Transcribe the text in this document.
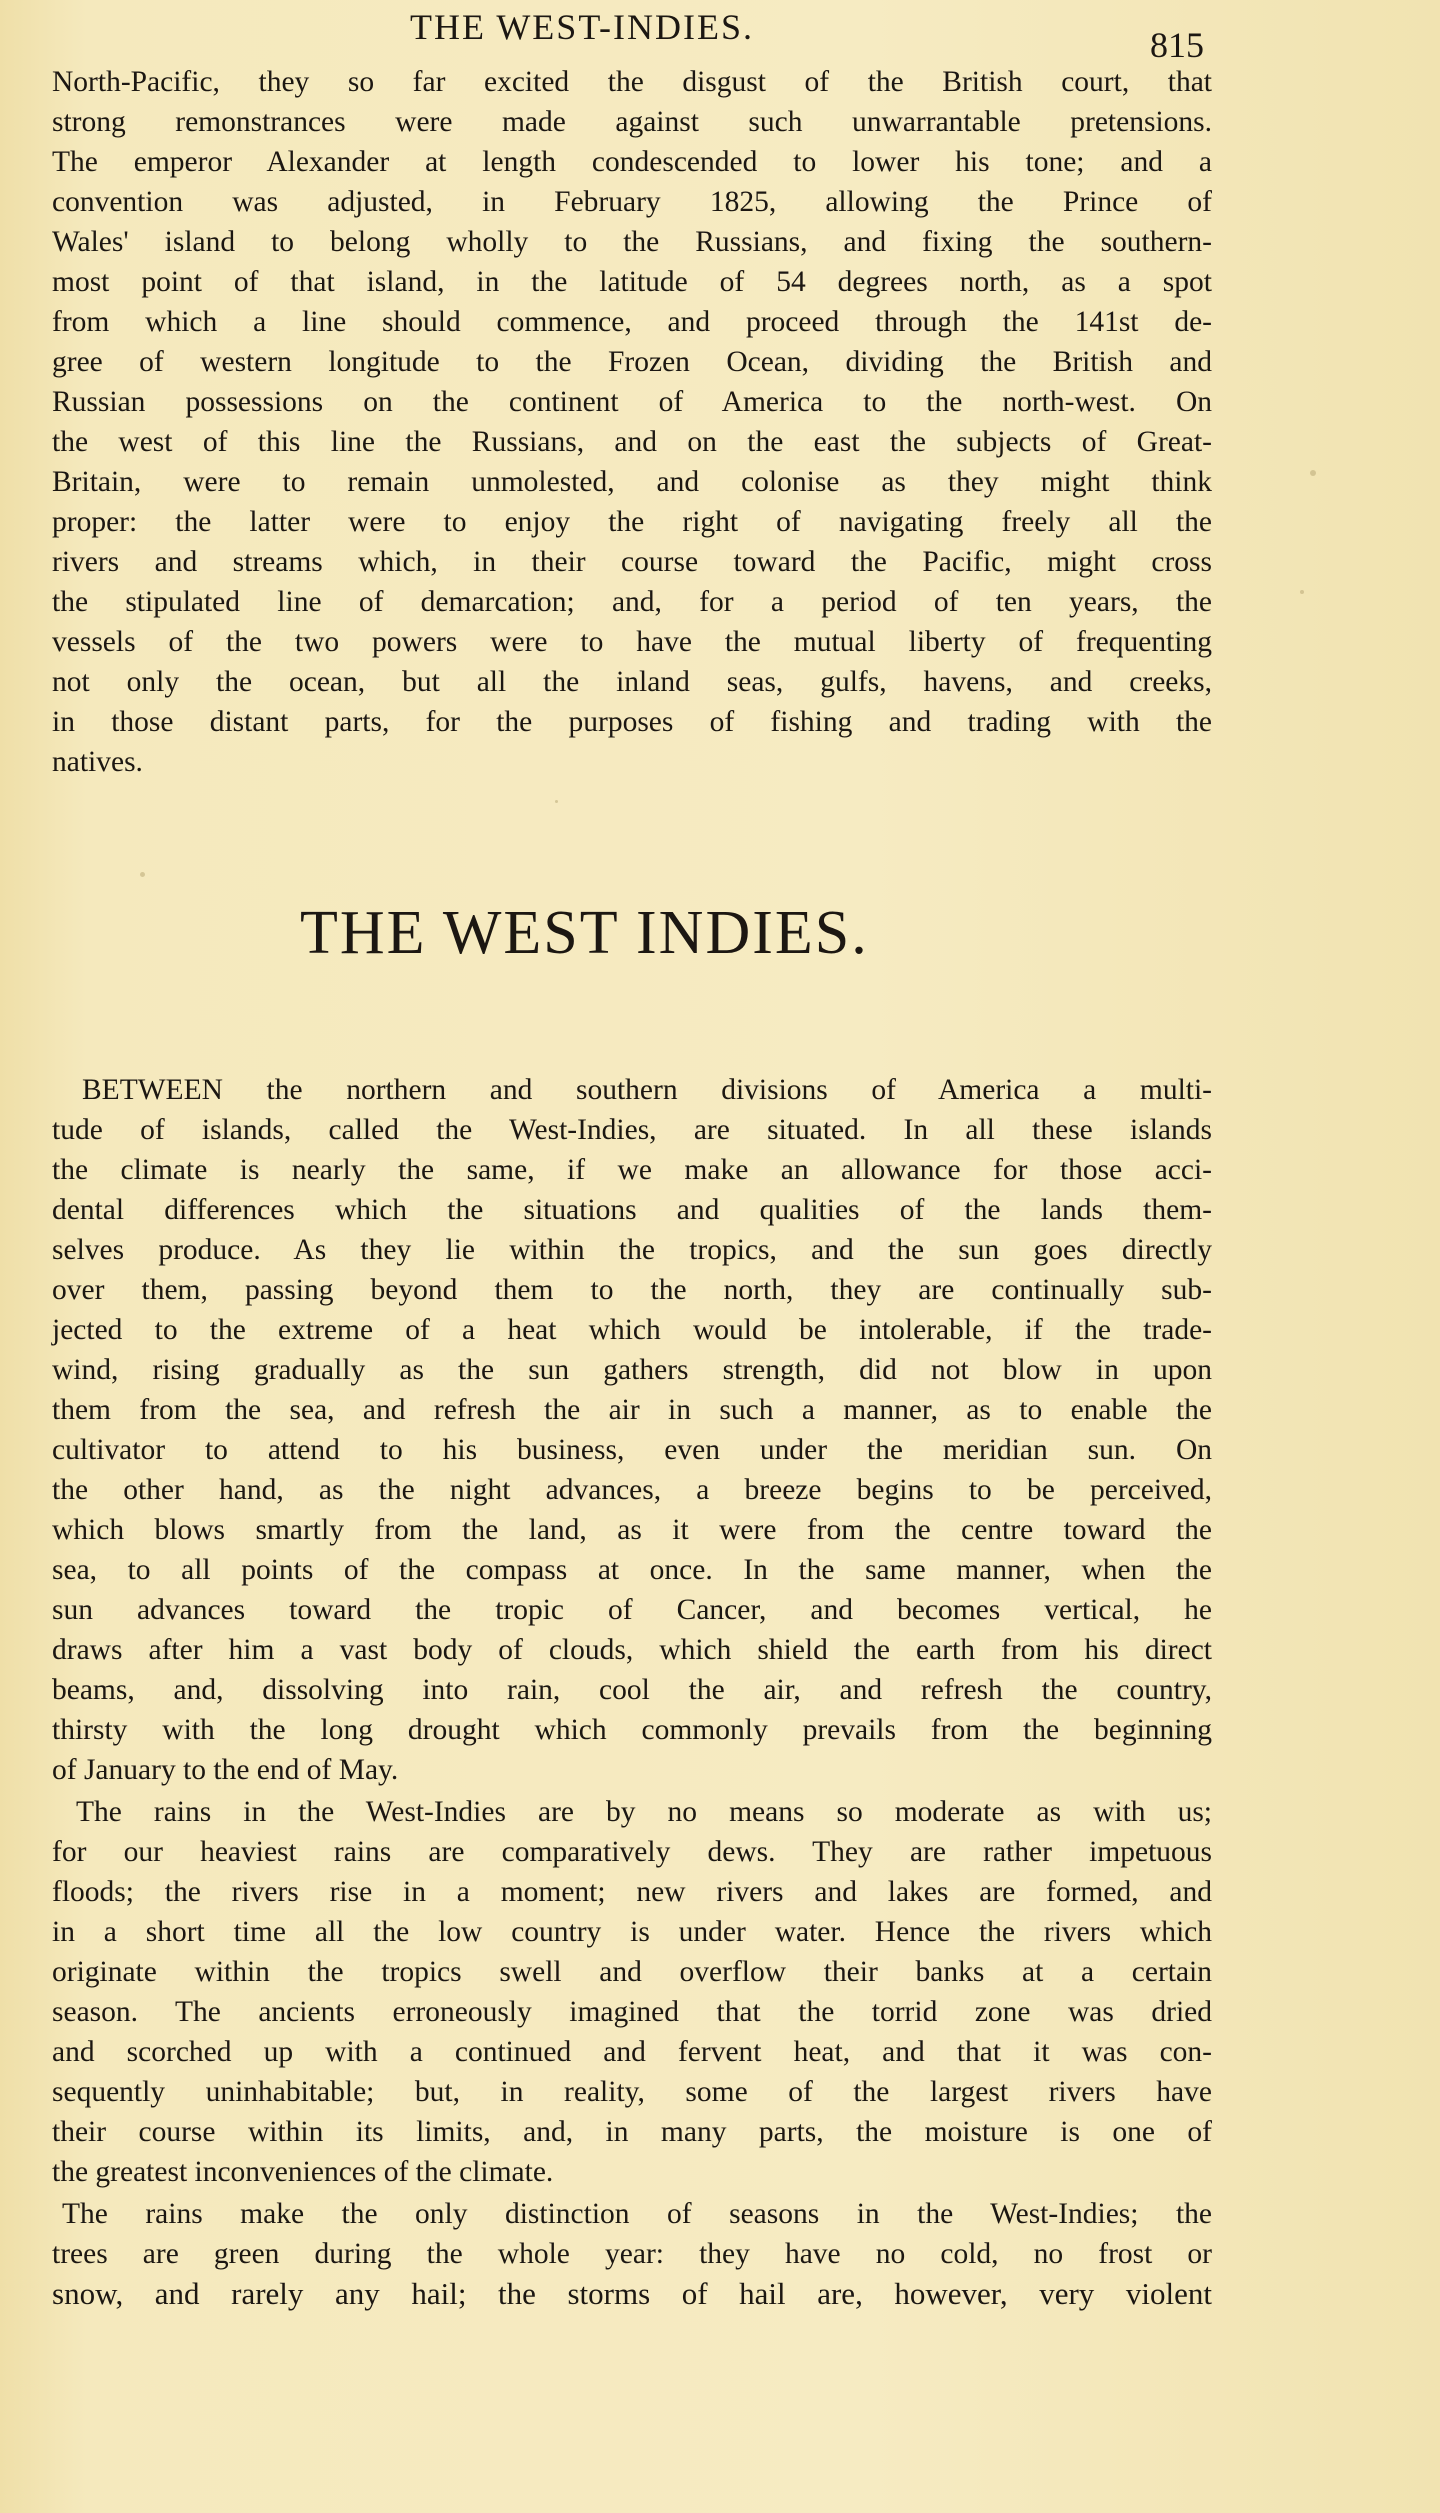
THE WEST-INDIES.	815

North-Pacific, they so far excited the disgust of the British court, that

strong remonstrances were made against such unwarrantable pretensions.

The emperor Alexander at length condescended to lower his tone; and a

convention was adjusted, in February 1825, allowing the Prince of

Wales' island to belong wholly to the Russians, and fixing the southern-

most point of that island, in the latitude of 54 degrees north, as a spot

from which a line should commence, and proceed through the 141st de-

gree of western longitude to the Frozen Ocean, dividing the British and

Russian possessions on the continent of America to the north-west. On

the west of this line the Russians, and on the east the subjects of Great-

Britain, were to remain unmolested, and colonise as they might think

proper: the latter were to enjoy the right of navigating freely all the

rivers and streams which, in their course toward the Pacific, might cross

the stipulated line of demarcation; and, for a period of ten years, the

vessels of the two powers were to have the mutual liberty of frequenting

not only the ocean, but all the inland seas, gulfs, havens, and creeks,

in those distant parts, for the purposes of fishing and trading with the

natives.

THE WEST INDIES.

BETWEEN the northern and southern divisions of America a multi-

tude of islands, called the West-Indies, are situated. In all these islands

the climate is nearly the same, if we make an allowance for those acci-

dental differences which the situations and qualities of the lands them-

selves produce. As they lie within the tropics, and the sun goes directly

over them, passing beyond them to the north, they are continually sub-

jected to the extreme of a heat which would be intolerable, if the trade-

wind, rising gradually as the sun gathers strength, did not blow in upon

them from the sea, and refresh the air in such a manner, as to enable the

cultivator to attend to his business, even under the meridian sun. On

the other hand, as the night advances, a breeze begins to be perceived,

which blows smartly from the land, as it were from the centre toward the

sea, to all points of the compass at once. In the same manner, when the

sun advances toward the tropic of Cancer, and becomes vertical, he

draws after him a vast body of clouds, which shield the earth from his direct

beams, and, dissolving into rain, cool the air, and refresh the country,

thirsty with the long drought which commonly prevails from the beginning

of January to the end of May.

The rains in the West-Indies are by no means so moderate as with us;

for our heaviest rains are comparatively dews. They are rather impetuous

floods; the rivers rise in a moment; new rivers and lakes are formed, and

in a short time all the low country is under water. Hence the rivers which

originate within the tropics swell and overflow their banks at a certain

season. The ancients erroneously imagined that the torrid zone was dried

and scorched up with a continued and fervent heat, and that it was con-

sequently uninhabitable; but, in reality, some of the largest rivers have

their course within its limits, and, in many parts, the moisture is one of

the greatest inconveniences of the climate.

The rains make the only distinction of seasons in the West-Indies; the

trees are green during the whole year: they have no cold, no frost or

snow, and rarely any hail; the storms of hail are, however, very violent
